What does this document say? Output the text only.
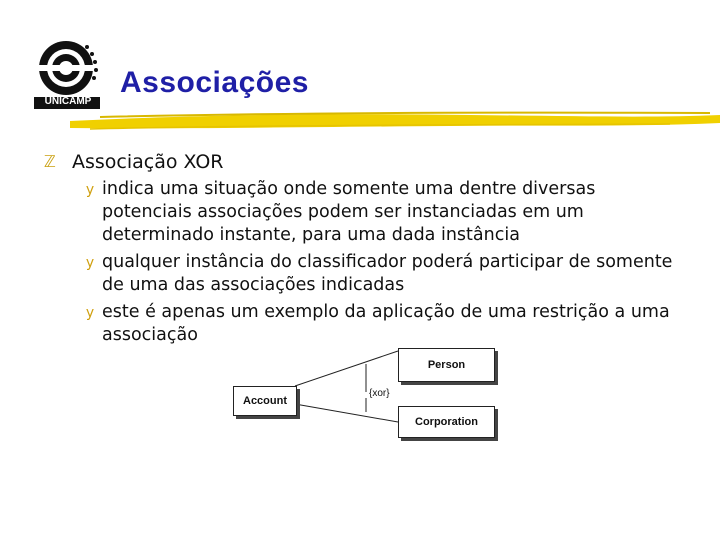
UNICAMP
Associações
ℤ Associação XOR
y indica uma situação onde somente uma dentre diversas potenciais associações podem ser instanciadas em um determinado instante, para uma dada instância
y qualquer instância do classificador poderá participar de somente de uma das associações indicadas
y este é apenas um exemplo da aplicação de uma restrição a uma associação
Person
Account
Corporation
{xor}
